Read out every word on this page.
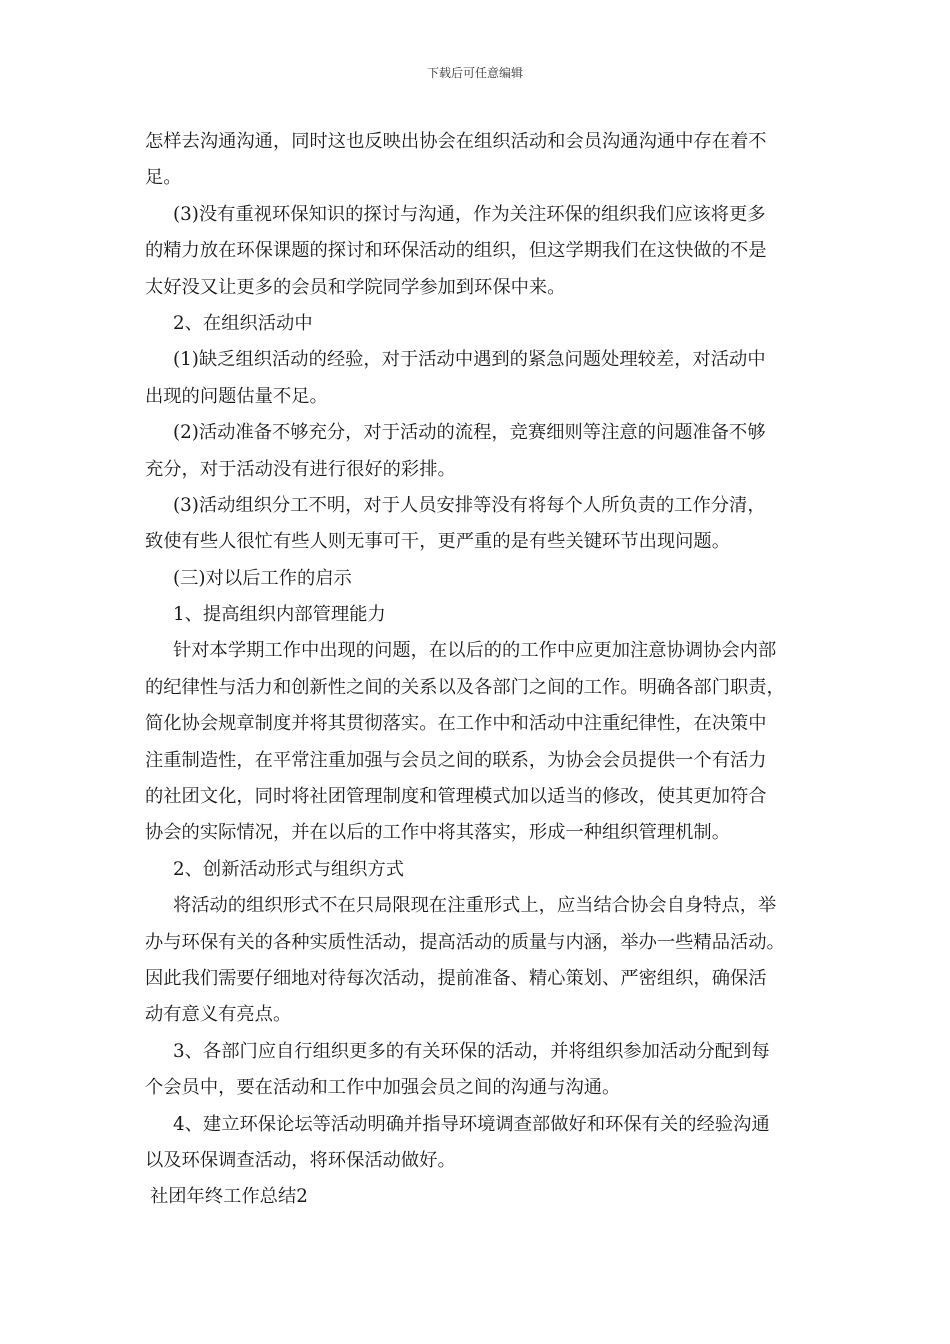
下载后可任意编辑
怎样去沟通沟通，同时这也反映出协会在组织活动和会员沟通沟通中存在着不
足。
(3)没有重视环保知识的探讨与沟通，作为关注环保的组织我们应该将更多
的精力放在环保课题的探讨和环保活动的组织，但这学期我们在这快做的不是
太好没又让更多的会员和学院同学参加到环保中来。
2、在组织活动中
(1)缺乏组织活动的经验，对于活动中遇到的紧急问题处理较差，对活动中
出现的问题估量不足。
(2)活动准备不够充分，对于活动的流程，竞赛细则等注意的问题准备不够
充分，对于活动没有进行很好的彩排。
(3)活动组织分工不明，对于人员安排等没有将每个人所负责的工作分清，
致使有些人很忙有些人则无事可干，更严重的是有些关键环节出现问题。
(三)对以后工作的启示
1、提高组织内部管理能力
针对本学期工作中出现的问题，在以后的的工作中应更加注意协调协会内部
的纪律性与活力和创新性之间的关系以及各部门之间的工作。明确各部门职责，
简化协会规章制度并将其贯彻落实。在工作中和活动中注重纪律性，在决策中
注重制造性，在平常注重加强与会员之间的联系，为协会会员提供一个有活力
的社团文化，同时将社团管理制度和管理模式加以适当的修改，使其更加符合
协会的实际情况，并在以后的工作中将其落实，形成一种组织管理机制。
2、创新活动形式与组织方式
将活动的组织形式不在只局限现在注重形式上，应当结合协会自身特点，举
办与环保有关的各种实质性活动，提高活动的质量与内涵，举办一些精品活动。
因此我们需要仔细地对待每次活动，提前准备、精心策划、严密组织，确保活
动有意义有亮点。
3、各部门应自行组织更多的有关环保的活动，并将组织参加活动分配到每
个会员中，要在活动和工作中加强会员之间的沟通与沟通。
4、建立环保论坛等活动明确并指导环境调查部做好和环保有关的经验沟通
以及环保调查活动，将环保活动做好。
社团年终工作总结2
